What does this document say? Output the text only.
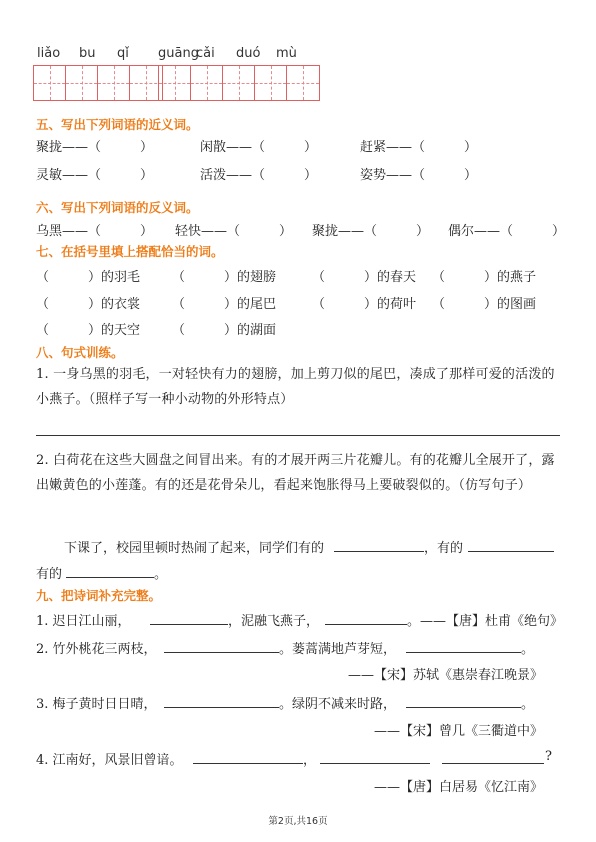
liǎo bu qǐ guāng
cǎi duó mù
五、写出下列词语的近义词。
聚拢——（　　　）	闲散——（　　　）	赶紧——（　　　）
灵敏——（　　　）	活泼——（　　　）	姿势——（　　　）
六、写出下列词语的反义词。
乌黑——（　　　） 轻快——（　　　） 聚拢——（　　　） 偶尔——（　　　）
七、在括号里填上搭配恰当的词。
（　　　）的羽毛 （　　　）的翅膀	（　　　）的春天 （　　　）的燕子
（　　　）的衣裳 （　　　）的尾巴	（　　　）的荷叶 （　　　）的图画
（　　　）的天空 （　　　）的湖面
八、句式训练。
1. 一身乌黑的羽毛，一对轻快有力的翅膀，加上剪刀似的尾巴，凑成了那样可爱的活泼的小燕子。（照样子写一种小动物的外形特点）
2. 白荷花在这些大圆盘之间冒出来。有的才展开两三片花瓣儿。有的花瓣儿全展开了，露出嫩黄色的小莲蓬。有的还是花骨朵儿，看起来饱胀得马上要破裂似的。（仿写句子）
下课了，校园里顿时热闹了起来，同学们有的	，有的
有的	。
九、把诗词补充完整。
1. 迟日江山丽，	，泥融飞燕子，	。——【唐】杜甫《绝句》
2. 竹外桃花三两枝，	。蒌蒿满地芦芽短，	。
——【宋】苏轼《惠崇春江晚景》
3. 梅子黄时日日晴，	。绿阴不减来时路，	。
——【宋】曾几《三衢道中》
4. 江南好，风景旧曾谙。	，	?
——【唐】白居易《忆江南》
第2页,共16页
